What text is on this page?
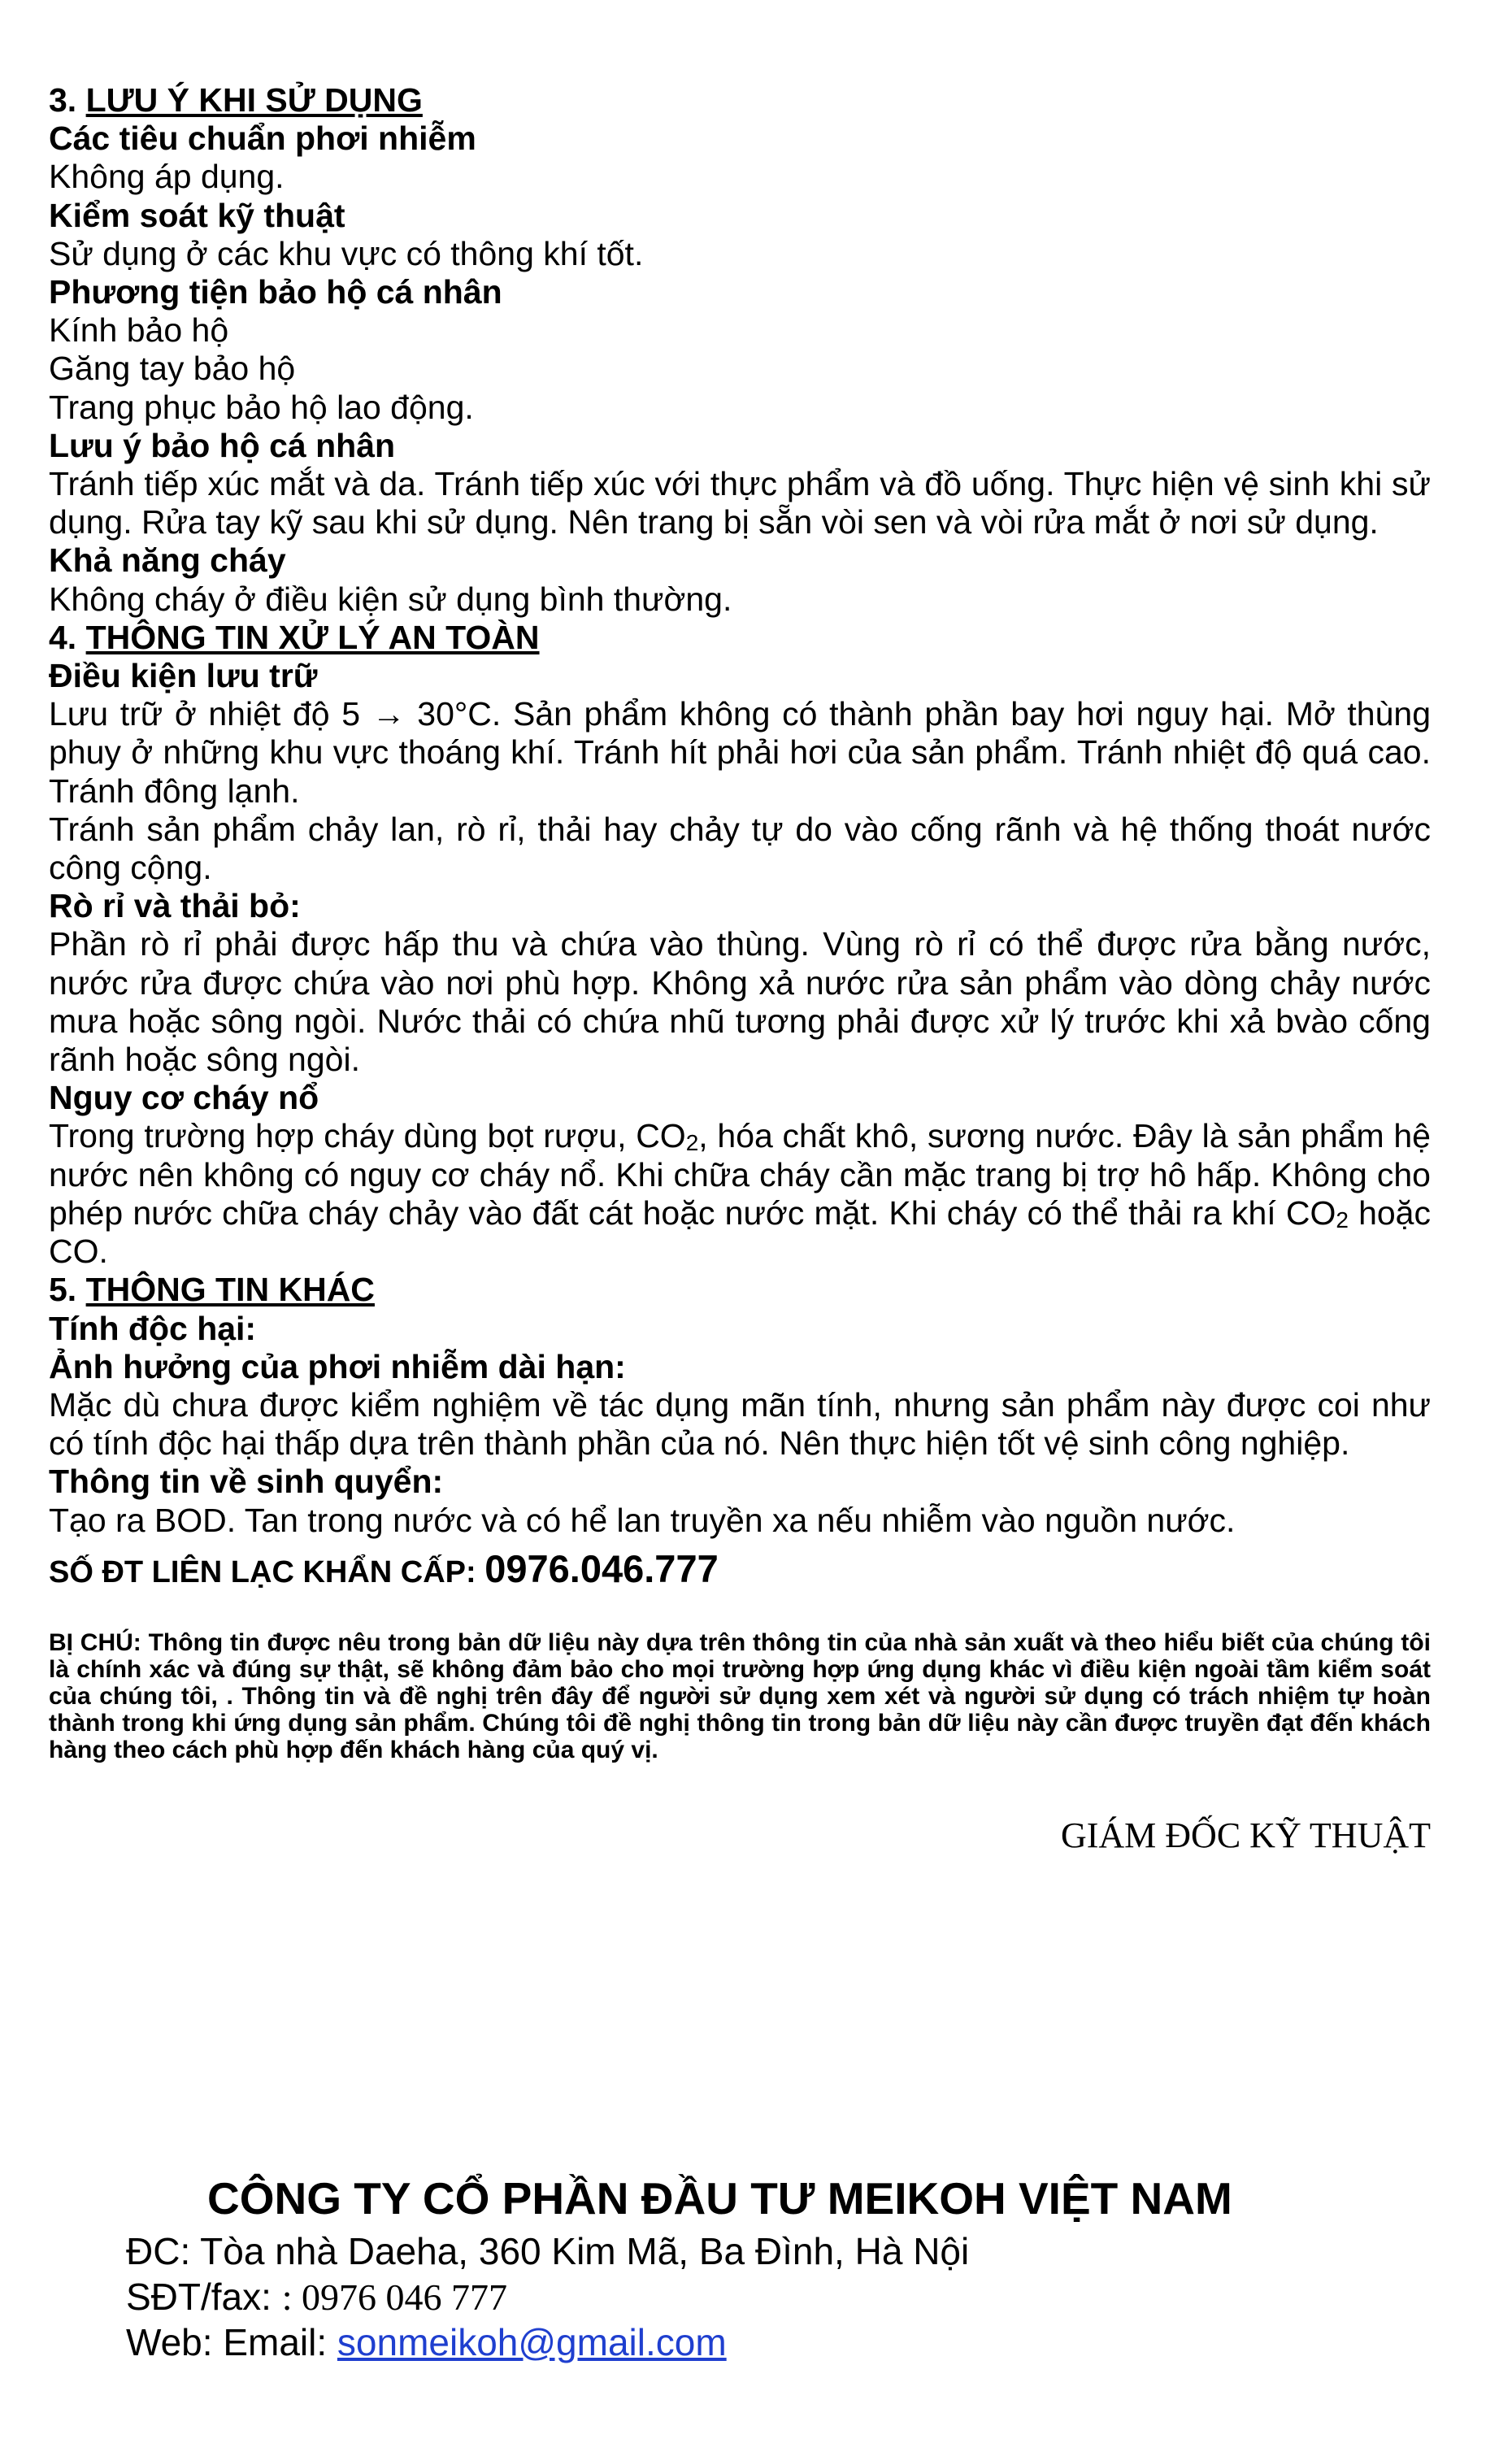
3. LƯU Ý KHI SỬ DỤNG

Các tiêu chuẩn phơi nhiễm

Không áp dụng.

Kiểm soát kỹ thuật

Sử dụng ở các khu vực có thông khí tốt.

Phương tiện bảo hộ cá nhân

Kính bảo hộ

Găng tay bảo hộ

Trang phục bảo hộ lao động.

Lưu ý bảo hộ cá nhân

Tránh tiếp xúc mắt và da. Tránh tiếp xúc với thực phẩm và đồ uống. Thực hiện vệ sinh khi sử dụng. Rửa tay kỹ sau khi sử dụng. Nên trang bị sẵn vòi sen và vòi rửa mắt ở nơi sử dụng.

Khả năng cháy

Không cháy ở điều kiện sử dụng bình thường.

4. THÔNG TIN XỬ LÝ AN TOÀN

Điều kiện lưu trữ

Lưu trữ ở nhiệt độ 5 → 30°C. Sản phẩm không có thành phần bay hơi nguy hại. Mở thùng phuy ở những khu vực thoáng khí. Tránh hít phải hơi của sản phẩm. Tránh nhiệt độ quá cao. Tránh đông lạnh.

Tránh sản phẩm chảy lan, rò rỉ, thải hay chảy tự do vào cống rãnh và hệ thống thoát nước công cộng.

Rò rỉ và thải bỏ:

Phần rò rỉ phải được hấp thu và chứa vào thùng. Vùng rò rỉ có thể được rửa bằng nước, nước rửa được chứa vào nơi phù hợp. Không xả nước rửa sản phẩm vào dòng chảy nước mưa hoặc sông ngòi. Nước thải có chứa nhũ tương phải được xử lý trước khi xả bvào cống rãnh hoặc sông ngòi.

Nguy cơ cháy nổ

Trong trường hợp cháy dùng bọt rượu, $CO_2$, hóa chất khô, sương nước. Đây là sản phẩm hệ nước nên không có nguy cơ cháy nổ. Khi chữa cháy cần mặc trang bị trợ hô hấp. Không cho phép nước chữa cháy chảy vào đất cát hoặc nước mặt. Khi cháy có thể thải ra khí $CO_2$ hoặc CO.

5. THÔNG TIN KHÁC

Tính độc hại:

Ảnh hưởng của phơi nhiễm dài hạn:

Mặc dù chưa được kiểm nghiệm về tác dụng mãn tính, nhưng sản phẩm này được coi như có tính độc hại thấp dựa trên thành phần của nó. Nên thực hiện tốt vệ sinh công nghiệp.

Thông tin về sinh quyển:

Tạo ra BOD. Tan trong nước và có hể lan truyền xa nếu nhiễm vào nguồn nước.

SỐ ĐT LIÊN LẠC KHẨN CẤP: 0976.046.777

BỊ CHÚ: Thông tin được nêu trong bản dữ liệu này dựa trên thông tin của nhà sản xuất và theo hiểu biết của chúng tôi là chính xác và đúng sự thật, sẽ không đảm bảo cho mọi trường hợp ứng dụng khác vì điều kiện ngoài tầm kiểm soát của chúng tôi, . Thông tin và đề nghị trên đây để người sử dụng xem xét và người sử dụng có trách nhiệm tự hoàn thành trong khi ứng dụng sản phẩm. Chúng tôi đề nghị thông tin trong bản dữ liệu này cần được truyền đạt đến khách hàng theo cách phù hợp đến khách hàng của quý vị.

GIÁM ĐỐC KỸ THUẬT
CÔNG TY CỔ PHẦN ĐẦU TƯ MEIKOH VIỆT NAM
ĐC: Tòa nhà Daeha, 360 Kim Mã, Ba Đình, Hà Nội
SĐT/fax: : 0976 046 777
Web: Email: sonmeikoh@gmail.com
